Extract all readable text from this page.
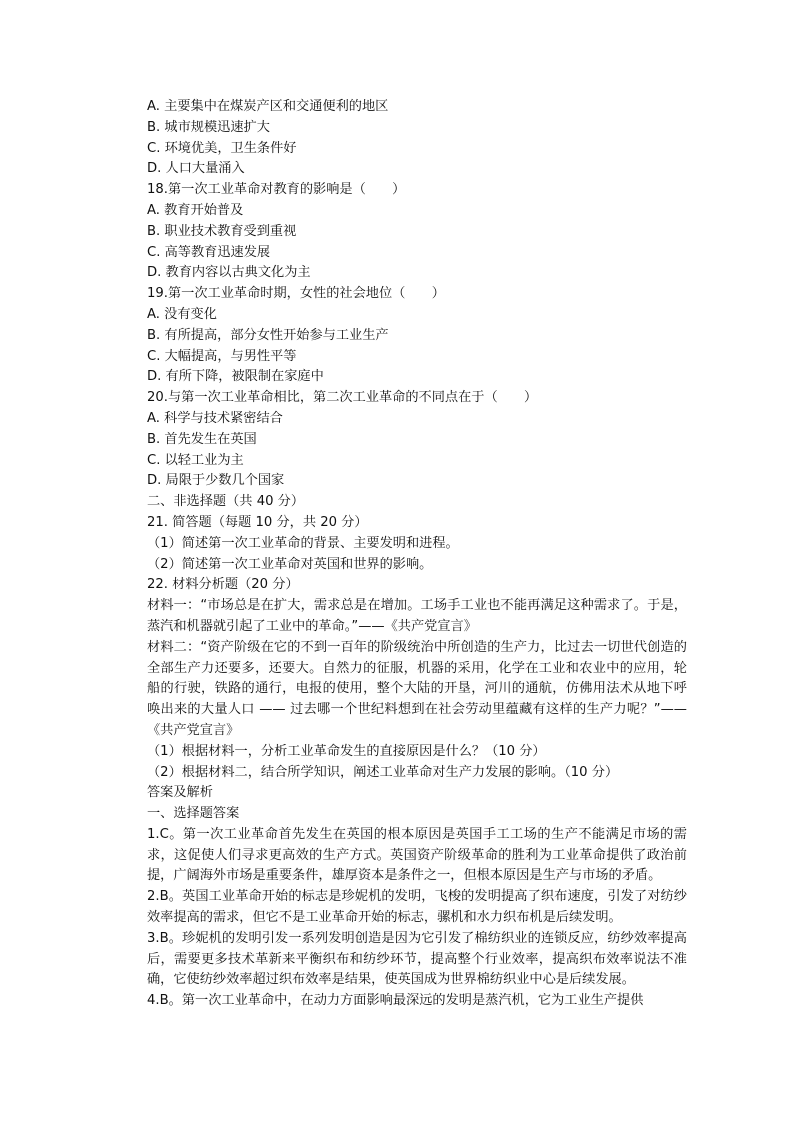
A. 主要集中在煤炭产区和交通便利的地区
B. 城市规模迅速扩大
C. 环境优美，卫生条件好
D. 人口大量涌入
18.第一次工业革命对教育的影响是（　　）
A. 教育开始普及
B. 职业技术教育受到重视
C. 高等教育迅速发展
D. 教育内容以古典文化为主
19.第一次工业革命时期，女性的社会地位（　　）
A. 没有变化
B. 有所提高，部分女性开始参与工业生产
C. 大幅提高，与男性平等
D. 有所下降，被限制在家庭中
20.与第一次工业革命相比，第二次工业革命的不同点在于（　　）
A. 科学与技术紧密结合
B. 首先发生在英国
C. 以轻工业为主
D. 局限于少数几个国家
二、非选择题（共 40 分）
21. 简答题（每题 10 分，共 20 分）
（1）简述第一次工业革命的背景、主要发明和进程。
（2）简述第一次工业革命对英国和世界的影响。
22. 材料分析题（20 分）
材料一：“市场总是在扩大，需求总是在增加。工场手工业也不能再满足这种需求了。于是，蒸汽和机器就引起了工业中的革命。”——《共产党宣言》
材料二：“资产阶级在它的不到一百年的阶级统治中所创造的生产力，比过去一切世代创造的全部生产力还要多，还要大。自然力的征服，机器的采用，化学在工业和农业中的应用，轮船的行驶，铁路的通行，电报的使用，整个大陆的开垦，河川的通航，仿佛用法术从地下呼唤出来的大量人口 —— 过去哪一个世纪料想到在社会劳动里蕴藏有这样的生产力呢？”——《共产党宣言》
（1）根据材料一，分析工业革命发生的直接原因是什么？（10 分）
（2）根据材料二，结合所学知识，阐述工业革命对生产力发展的影响。（10 分）
答案及解析
一、选择题答案
1.C。第一次工业革命首先发生在英国的根本原因是英国手工工场的生产不能满足市场的需求，这促使人们寻求更高效的生产方式。英国资产阶级革命的胜利为工业革命提供了政治前提，广阔海外市场是重要条件，雄厚资本是条件之一，但根本原因是生产与市场的矛盾。
2.B。英国工业革命开始的标志是珍妮机的发明，飞梭的发明提高了织布速度，引发了对纺纱效率提高的需求，但它不是工业革命开始的标志，骡机和水力织布机是后续发明。
3.B。珍妮机的发明引发一系列发明创造是因为它引发了棉纺织业的连锁反应，纺纱效率提高后，需要更多技术革新来平衡织布和纺纱环节，提高整个行业效率，提高织布效率说法不准确，它使纺纱效率超过织布效率是结果，使英国成为世界棉纺织业中心是后续发展。
4.B。第一次工业革命中，在动力方面影响最深远的发明是蒸汽机，它为工业生产提供
